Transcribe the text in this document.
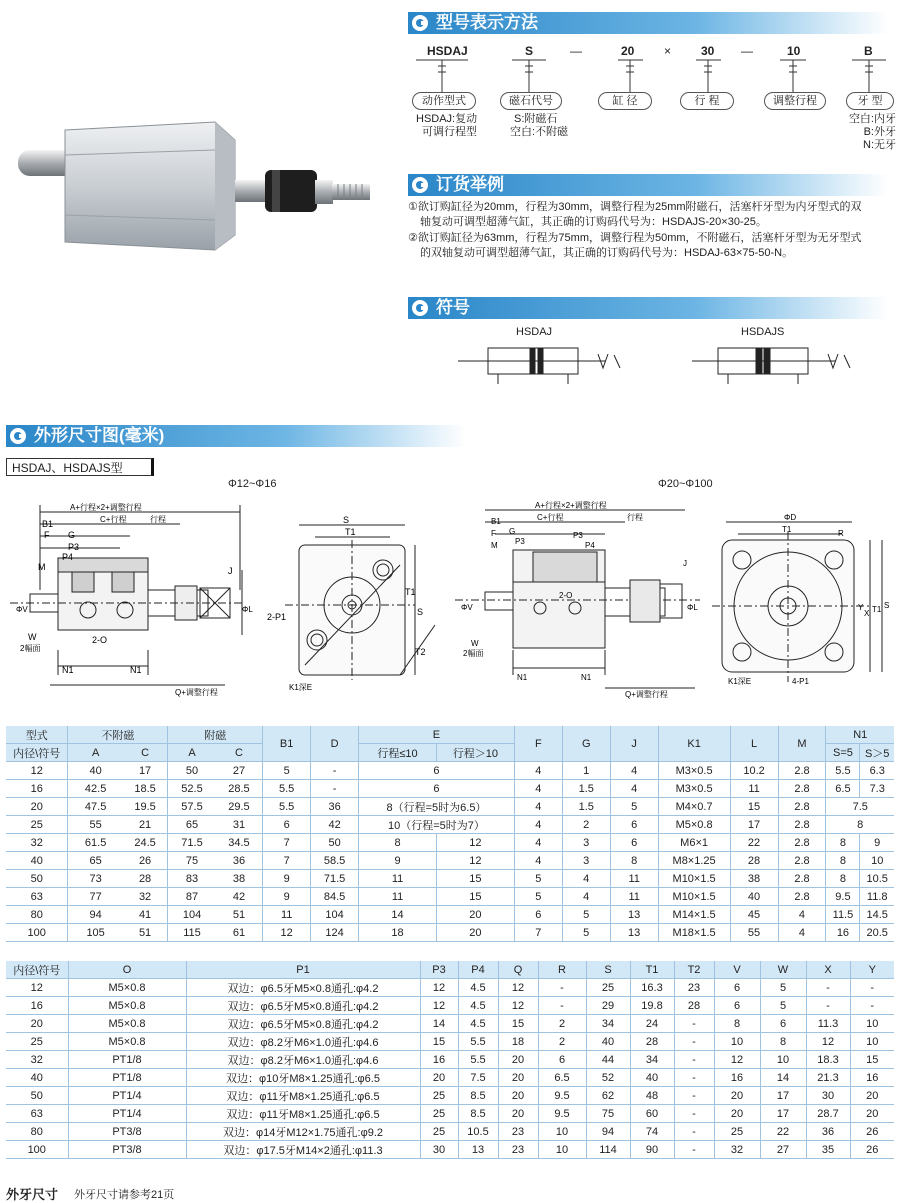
型号表示方法
HSDAJ	S	—	20 × 30 —	10	B
动作型式	磁石代号	缸 径	行 程	调整行程	牙 型
HSDAJ:复动
可调行程型
S:附磁石
空白:不附磁
空白:内牙
B:外牙
N:无牙
订货举例
①欲订购缸径为20mm，行程为30mm，调整行程为25mm附磁石，活塞杆牙型为内牙型式的双
轴复动可调型超薄气缸，其正确的订购码代号为：HSDAJS-20×30-25。
②欲订购缸径为63mm，行程为75mm，调整行程为50mm，不附磁石，活塞杆牙型为无牙型式
的双轴复动可调型超薄气缸，其正确的订购码代号为：HSDAJ-63×75-50-N。
符号
HSDAJ	HSDAJS
外形尺寸图(毫米)
HSDAJ、HSDAJS型
Φ12~Φ16	Φ20~Φ100
B1
F G
P3
P4
C+行程	行程
A+行程×2+调整行程
M	J
ΦV	ΦL
W
2幅面
2-O
N1	N1
Q+调整行程
S
T1
S
T1
T2
2-P1
K1深E
A+行程×2+调整行程
C+行程	行程
B1
F G
P3
P3
P4
M
J
ΦV	ΦL
W
2幅面
2-O
N1	N1
Q+调整行程
ΦD
T1	R
Y
X T1 S
K1深E	4-P1
型式	不附磁		附磁		B1	D	E		F	G	J	K1	L	M	N1	
内径\符号	A	C	A	C			行程≤10	行程＞10							S=5	S＞5
12	40	17	50	27	5	-	6		4	1	4	M3×0.5	10.2	2.8	5.5	6.3
16	42.5	18.5	52.5	28.5	5.5	-	6		4	1.5	4	M3×0.5	11	2.8	6.5	7.3
20	47.5	19.5	57.5	29.5	5.5	36	8（行程=5时为6.5）		4	1.5	5	M4×0.7	15	2.8	7.5	
25	55	21	65	31	6	42	10（行程=5时为7）		4	2	6	M5×0.8	17	2.8	8	
32	61.5	24.5	71.5	34.5	7	50	8	12	4	3	6	M6×1	22	2.8	8	9
40	65	26	75	36	7	58.5	9	12	4	3	8	M8×1.25	28	2.8	8	10
50	73	28	83	38	9	71.5	11	15	5	4	11	M10×1.5	38	2.8	8	10.5
63	77	32	87	42	9	84.5	11	15	5	4	11	M10×1.5	40	2.8	9.5	11.8
80	94	41	104	51	11	104	14	20	6	5	13	M14×1.5	45	4	11.5	14.5
100	105	51	115	61	12	124	18	20	7	5	13	M18×1.5	55	4	16	20.5
内径\符号	O	P1	P3	P4	Q	R	S	T1	T2	V	W	X	Y
12	M5×0.8	双边：φ6.5牙M5×0.8通孔:φ4.2	12	4.5	12	-	25	16.3	23	6	5	-	-
16	M5×0.8	双边：φ6.5牙M5×0.8通孔:φ4.2	12	4.5	12	-	29	19.8	28	6	5	-	-
20	M5×0.8	双边：φ6.5牙M5×0.8通孔:φ4.2	14	4.5	15	2	34	24	-	8	6	11.3	10
25	M5×0.8	双边：φ8.2牙M6×1.0通孔:φ4.6	15	5.5	18	2	40	28	-	10	8	12	10
32	PT1/8	双边：φ8.2牙M6×1.0通孔:φ4.6	16	5.5	20	6	44	34	-	12	10	18.3	15
40	PT1/8	双边：φ10牙M8×1.25通孔:φ6.5	20	7.5	20	6.5	52	40	-	16	14	21.3	16
50	PT1/4	双边：φ11牙M8×1.25通孔:φ6.5	25	8.5	20	9.5	62	48	-	20	17	30	20
63	PT1/4	双边：φ11牙M8×1.25通孔:φ6.5	25	8.5	20	9.5	75	60	-	20	17	28.7	20
80	PT3/8	双边：φ14牙M12×1.75通孔:φ9.2	25	10.5	23	10	94	74	-	25	22	36	26
100	PT3/8	双边：φ17.5牙M14×2通孔:φ11.3	30	13	23	10	114	90	-	32	27	35	26
外牙尺寸 外牙尺寸请参考21页
